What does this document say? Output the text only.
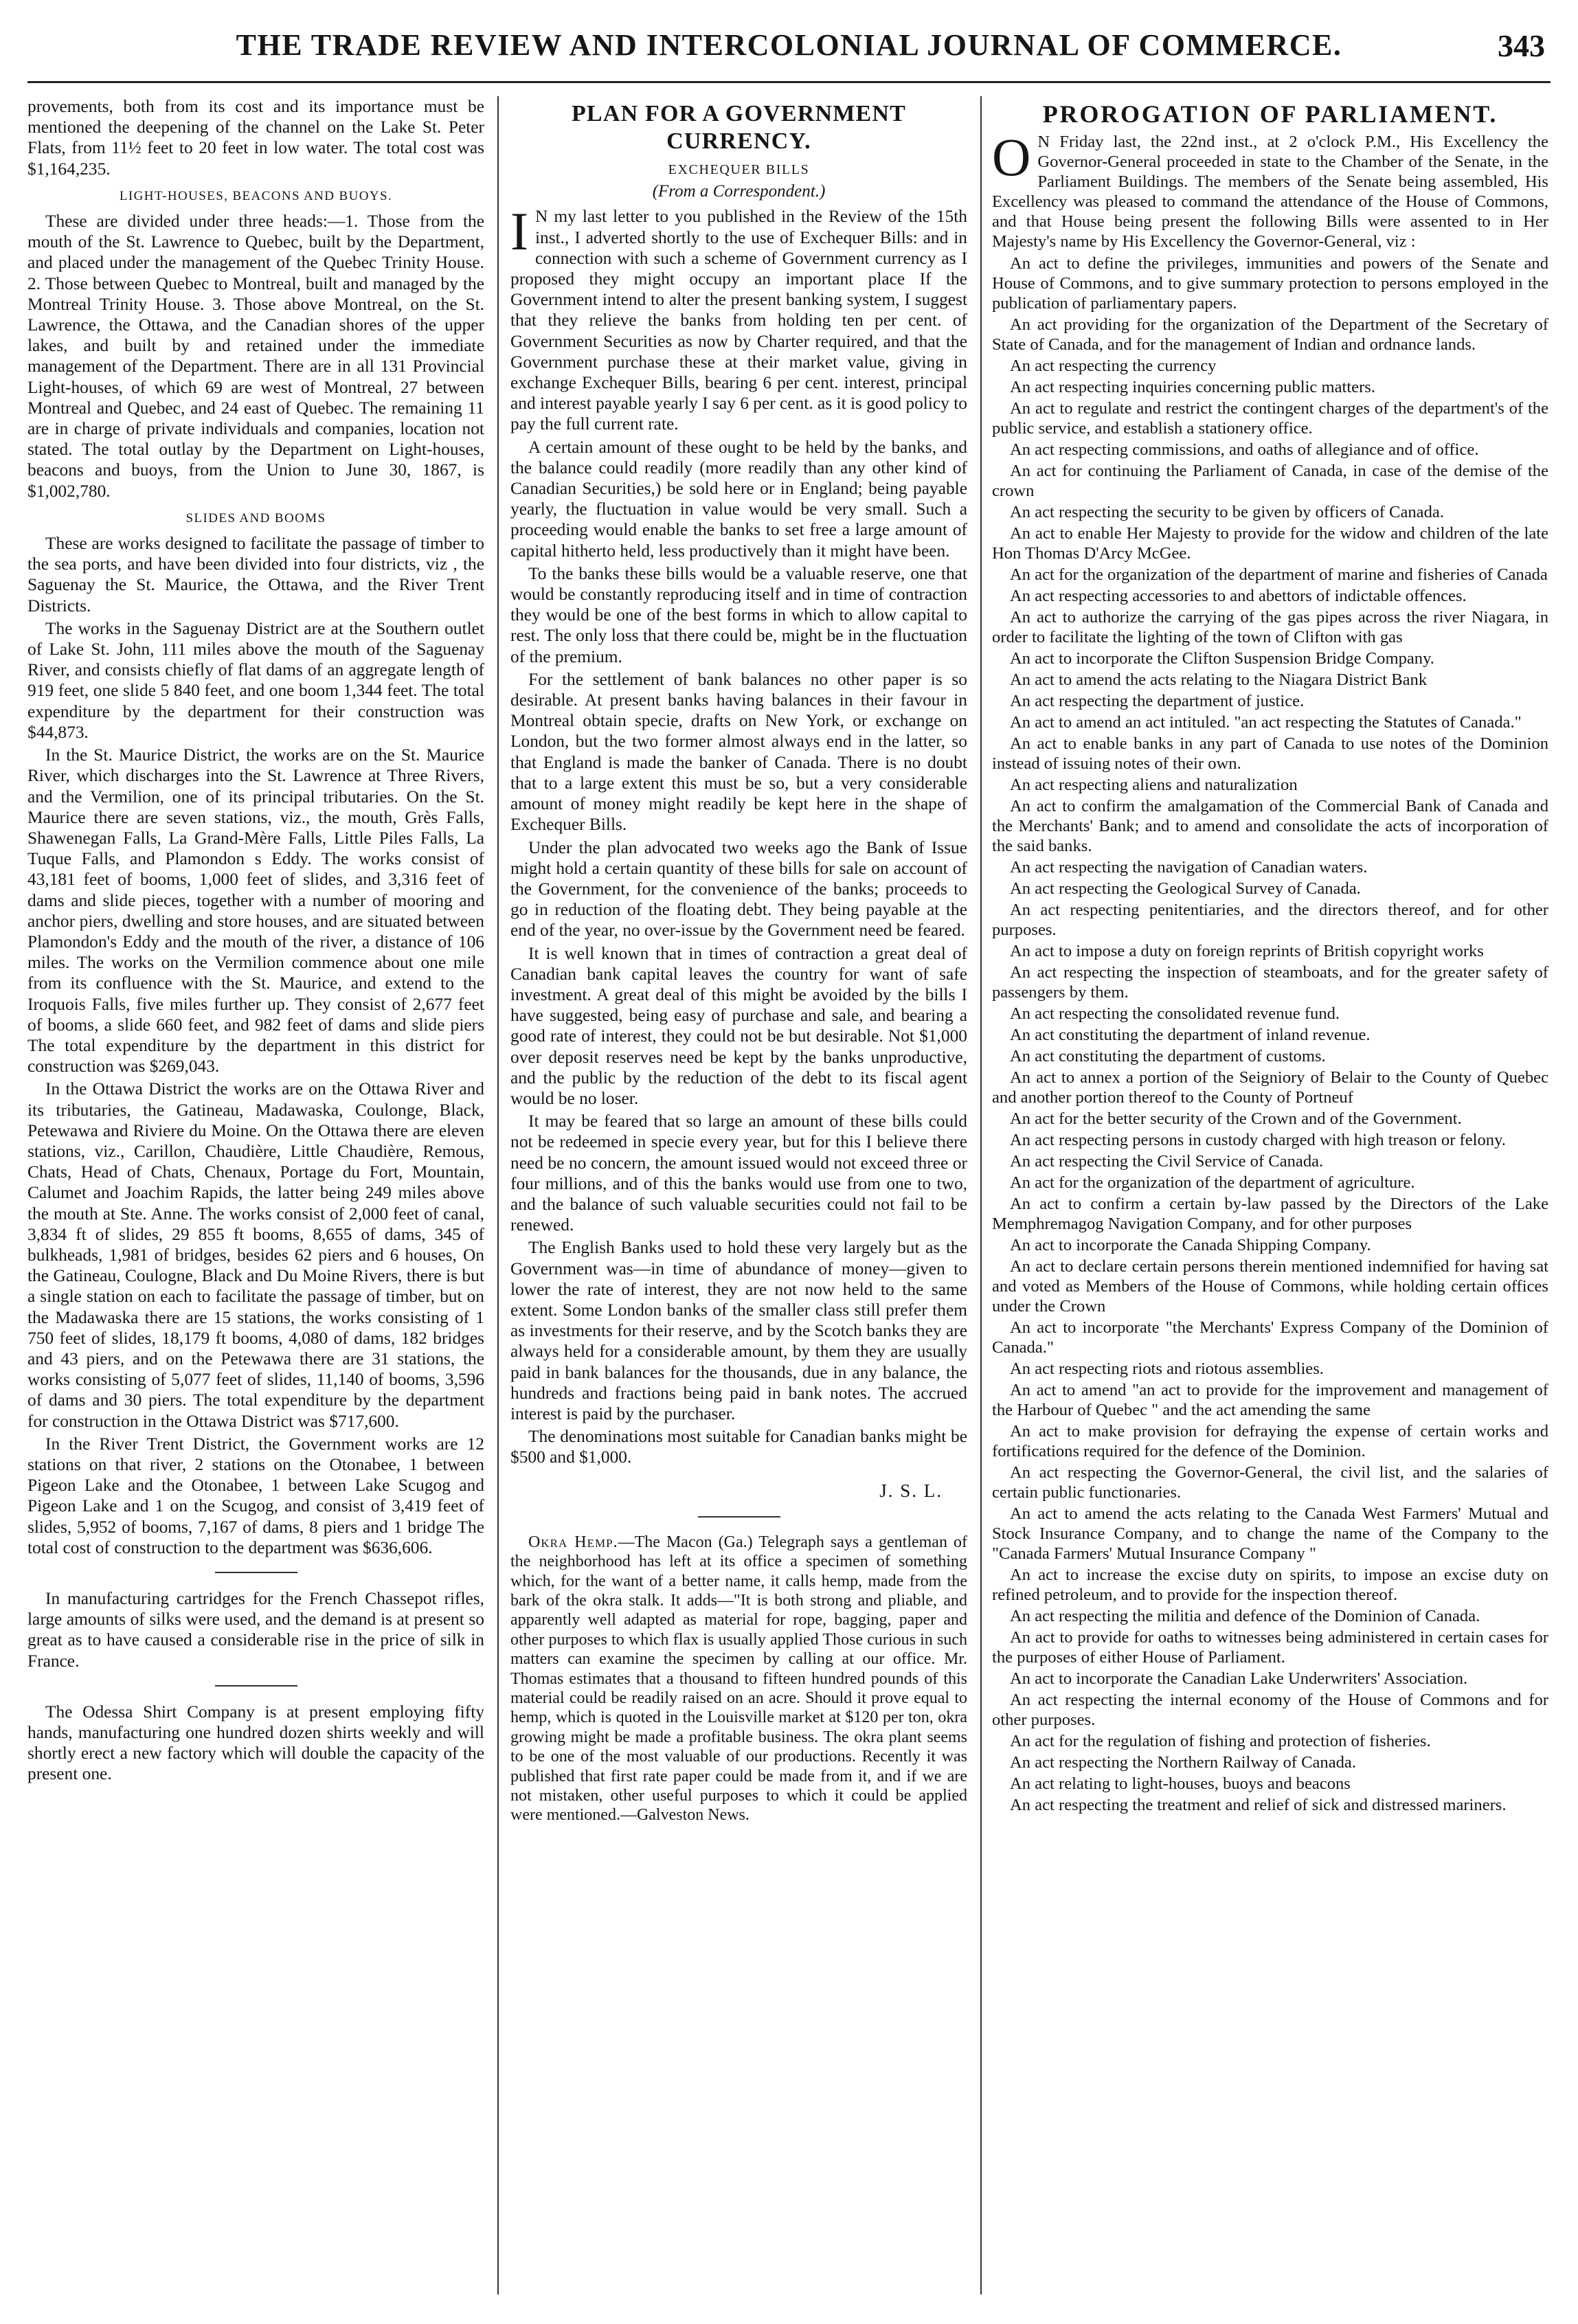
THE TRADE REVIEW AND INTERCOLONIAL JOURNAL OF COMMERCE.	343

provements, both from its cost and its importance must be mentioned the deepening of the channel on the Lake St. Peter Flats, from 11½ feet to 20 feet in low water. The total cost was $1,164,235.

LIGHT-HOUSES, BEACONS AND BUOYS.

These are divided under three heads:—1. Those from the mouth of the St. Lawrence to Quebec, built by the Department, and placed under the management of the Quebec Trinity House. 2. Those between Quebec to Montreal, built and managed by the Montreal Trinity House. 3. Those above Montreal, on the St. Lawrence, the Ottawa, and the Canadian shores of the upper lakes, and built by and retained under the immediate management of the Department. There are in all 131 Provincial Light-houses, of which 69 are west of Montreal, 27 between Montreal and Quebec, and 24 east of Quebec. The remaining 11 are in charge of private individuals and companies, location not stated. The total outlay by the Department on Light-houses, beacons and buoys, from the Union to June 30, 1867, is $1,002,780.

SLIDES AND BOOMS

These are works designed to facilitate the passage of timber to the sea ports, and have been divided into four districts, viz , the Saguenay the St. Maurice, the Ottawa, and the River Trent Districts.

The works in the Saguenay District are at the Southern outlet of Lake St. John, 111 miles above the mouth of the Saguenay River, and consists chiefly of flat dams of an aggregate length of 919 feet, one slide 5 840 feet, and one boom 1,344 feet. The total expenditure by the department for their construction was $44,873.

In the St. Maurice District, the works are on the St. Maurice River, which discharges into the St. Lawrence at Three Rivers, and the Vermilion, one of its principal tributaries. On the St. Maurice there are seven stations, viz., the mouth, Grès Falls, Shawenegan Falls, La Grand-Mère Falls, Little Piles Falls, La Tuque Falls, and Plamondon s Eddy. The works consist of 43,181 feet of booms, 1,000 feet of slides, and 3,316 feet of dams and slide pieces, together with a number of mooring and anchor piers, dwelling and store houses, and are situated between Plamondon's Eddy and the mouth of the river, a distance of 106 miles. The works on the Vermilion commence about one mile from its confluence with the St. Maurice, and extend to the Iroquois Falls, five miles further up. They consist of 2,677 feet of booms, a slide 660 feet, and 982 feet of dams and slide piers The total expenditure by the department in this district for construction was $269,043.

In the Ottawa District the works are on the Ottawa River and its tributaries, the Gatineau, Madawaska, Coulonge, Black, Petewawa and Riviere du Moine. On the Ottawa there are eleven stations, viz., Carillon, Chaudière, Little Chaudière, Remous, Chats, Head of Chats, Chenaux, Portage du Fort, Mountain, Calumet and Joachim Rapids, the latter being 249 miles above the mouth at Ste. Anne. The works consist of 2,000 feet of canal, 3,834 ft of slides, 29 855 ft booms, 8,655 of dams, 345 of bulkheads, 1,981 of bridges, besides 62 piers and 6 houses, On the Gatineau, Coulogne, Black and Du Moine Rivers, there is but a single station on each to facilitate the passage of timber, but on the Madawaska there are 15 stations, the works consisting of 1 750 feet of slides, 18,179 ft booms, 4,080 of dams, 182 bridges and 43 piers, and on the Petewawa there are 31 stations, the works consisting of 5,077 feet of slides, 11,140 of booms, 3,596 of dams and 30 piers. The total expenditure by the department for construction in the Ottawa District was $717,600.

In the River Trent District, the Government works are 12 stations on that river, 2 stations on the Otonabee, 1 between Pigeon Lake and the Otonabee, 1 between Lake Scugog and Pigeon Lake and 1 on the Scugog, and consist of 3,419 feet of slides, 5,952 of booms, 7,167 of dams, 8 piers and 1 bridge The total cost of construction to the department was $636,606.

In manufacturing cartridges for the French Chassepot rifles, large amounts of silks were used, and the demand is at present so great as to have caused a considerable rise in the price of silk in France.

The Odessa Shirt Company is at present employing fifty hands, manufacturing one hundred dozen shirts weekly and will shortly erect a new factory which will double the capacity of the present one.

PLAN FOR A GOVERNMENT CURRENCY.
EXCHEQUER BILLS
(From a Correspondent.)

I N my last letter to you published in the Review of the 15th inst., I adverted shortly to the use of Exchequer Bills: and in connection with such a scheme of Government currency as I proposed they might occupy an important place If the Government intend to alter the present banking system, I suggest that they relieve the banks from holding ten per cent. of Government Securities as now by Charter required, and that the Government purchase these at their market value, giving in exchange Exchequer Bills, bearing 6 per cent. interest, principal and interest payable yearly I say 6 per cent. as it is good policy to pay the full current rate.

A certain amount of these ought to be held by the banks, and the balance could readily (more readily than any other kind of Canadian Securities,) be sold here or in England; being payable yearly, the fluctuation in value would be very small. Such a proceeding would enable the banks to set free a large amount of capital hitherto held, less productively than it might have been.

To the banks these bills would be a valuable reserve, one that would be constantly reproducing itself and in time of contraction they would be one of the best forms in which to allow capital to rest. The only loss that there could be, might be in the fluctuation of the premium.

For the settlement of bank balances no other paper is so desirable. At present banks having balances in their favour in Montreal obtain specie, drafts on New York, or exchange on London, but the two former almost always end in the latter, so that England is made the banker of Canada. There is no doubt that to a large extent this must be so, but a very considerable amount of money might readily be kept here in the shape of Exchequer Bills.

Under the plan advocated two weeks ago the Bank of Issue might hold a certain quantity of these bills for sale on account of the Government, for the convenience of the banks; proceeds to go in reduction of the floating debt. They being payable at the end of the year, no over-issue by the Government need be feared.

It is well known that in times of contraction a great deal of Canadian bank capital leaves the country for want of safe investment. A great deal of this might be avoided by the bills I have suggested, being easy of purchase and sale, and bearing a good rate of interest, they could not be but desirable. Not $1,000 over deposit reserves need be kept by the banks unproductive, and the public by the reduction of the debt to its fiscal agent would be no loser.

It may be feared that so large an amount of these bills could not be redeemed in specie every year, but for this I believe there need be no concern, the amount issued would not exceed three or four millions, and of this the banks would use from one to two, and the balance of such valuable securities could not fail to be renewed.

The English Banks used to hold these very largely but as the Government was—in time of abundance of money—given to lower the rate of interest, they are not now held to the same extent. Some London banks of the smaller class still prefer them as investments for their reserve, and by the Scotch banks they are always held for a considerable amount, by them they are usually paid in bank balances for the thousands, due in any balance, the hundreds and fractions being paid in bank notes. The accrued interest is paid by the purchaser.

The denominations most suitable for Canadian banks might be $500 and $1,000.

J. S. L.

Okra Hemp.—The Macon (Ga.) Telegraph says a gentleman of the neighborhood has left at its office a specimen of something which, for the want of a better name, it calls hemp, made from the bark of the okra stalk. It adds—"It is both strong and pliable, and apparently well adapted as material for rope, bagging, paper and other purposes to which flax is usually applied Those curious in such matters can examine the specimen by calling at our office. Mr. Thomas estimates that a thousand to fifteen hundred pounds of this material could be readily raised on an acre. Should it prove equal to hemp, which is quoted in the Louisville market at $120 per ton, okra growing might be made a profitable business. The okra plant seems to be one of the most valuable of our productions. Recently it was published that first rate paper could be made from it, and if we are not mistaken, other useful purposes to which it could be applied were mentioned.—Galveston News.

PROROGATION OF PARLIAMENT.

O N Friday last, the 22nd inst., at 2 o'clock P.M., His Excellency the Governor-General proceeded in state to the Chamber of the Senate, in the Parliament Buildings. The members of the Senate being assembled, His Excellency was pleased to command the attendance of the House of Commons, and that House being present the following Bills were assented to in Her Majesty's name by His Excellency the Governor-General, viz :

An act to define the privileges, immunities and powers of the Senate and House of Commons, and to give summary protection to persons employed in the publication of parliamentary papers.

An act providing for the organization of the Department of the Secretary of State of Canada, and for the management of Indian and ordnance lands.

An act respecting the currency

An act respecting inquiries concerning public matters.

An act to regulate and restrict the contingent charges of the department's of the public service, and establish a stationery office.

An act respecting commissions, and oaths of allegiance and of office.

An act for continuing the Parliament of Canada, in case of the demise of the crown

An act respecting the security to be given by officers of Canada.

An act to enable Her Majesty to provide for the widow and children of the late Hon Thomas D'Arcy McGee.

An act for the organization of the department of marine and fisheries of Canada

An act respecting accessories to and abettors of indictable offences.

An act to authorize the carrying of the gas pipes across the river Niagara, in order to facilitate the lighting of the town of Clifton with gas

An act to incorporate the Clifton Suspension Bridge Company.

An act to amend the acts relating to the Niagara District Bank

An act respecting the department of justice.

An act to amend an act intituled. "an act respecting the Statutes of Canada."

An act to enable banks in any part of Canada to use notes of the Dominion instead of issuing notes of their own.

An act respecting aliens and naturalization

An act to confirm the amalgamation of the Commercial Bank of Canada and the Merchants' Bank; and to amend and consolidate the acts of incorporation of the said banks.

An act respecting the navigation of Canadian waters.

An act respecting the Geological Survey of Canada.

An act respecting penitentiaries, and the directors thereof, and for other purposes.

An act to impose a duty on foreign reprints of British copyright works

An act respecting the inspection of steamboats, and for the greater safety of passengers by them.

An act respecting the consolidated revenue fund.

An act constituting the department of inland revenue.

An act constituting the department of customs.

An act to annex a portion of the Seigniory of Belair to the County of Quebec and another portion thereof to the County of Portneuf

An act for the better security of the Crown and of the Government.

An act respecting persons in custody charged with high treason or felony.

An act respecting the Civil Service of Canada.

An act for the organization of the department of agriculture.

An act to confirm a certain by-law passed by the Directors of the Lake Memphremagog Navigation Company, and for other purposes

An act to incorporate the Canada Shipping Company.

An act to declare certain persons therein mentioned indemnified for having sat and voted as Members of the House of Commons, while holding certain offices under the Crown

An act to incorporate "the Merchants' Express Company of the Dominion of Canada."

An act respecting riots and riotous assemblies.

An act to amend "an act to provide for the improvement and management of the Harbour of Quebec " and the act amending the same

An act to make provision for defraying the expense of certain works and fortifications required for the defence of the Dominion.

An act respecting the Governor-General, the civil list, and the salaries of certain public functionaries.

An act to amend the acts relating to the Canada West Farmers' Mutual and Stock Insurance Company, and to change the name of the Company to the "Canada Farmers' Mutual Insurance Company "

An act to increase the excise duty on spirits, to impose an excise duty on refined petroleum, and to provide for the inspection thereof.

An act respecting the militia and defence of the Dominion of Canada.

An act to provide for oaths to witnesses being administered in certain cases for the purposes of either House of Parliament.

An act to incorporate the Canadian Lake Underwriters' Association.

An act respecting the internal economy of the House of Commons and for other purposes.

An act for the regulation of fishing and protection of fisheries.

An act respecting the Northern Railway of Canada.

An act relating to light-houses, buoys and beacons

An act respecting the treatment and relief of sick and distressed mariners.
